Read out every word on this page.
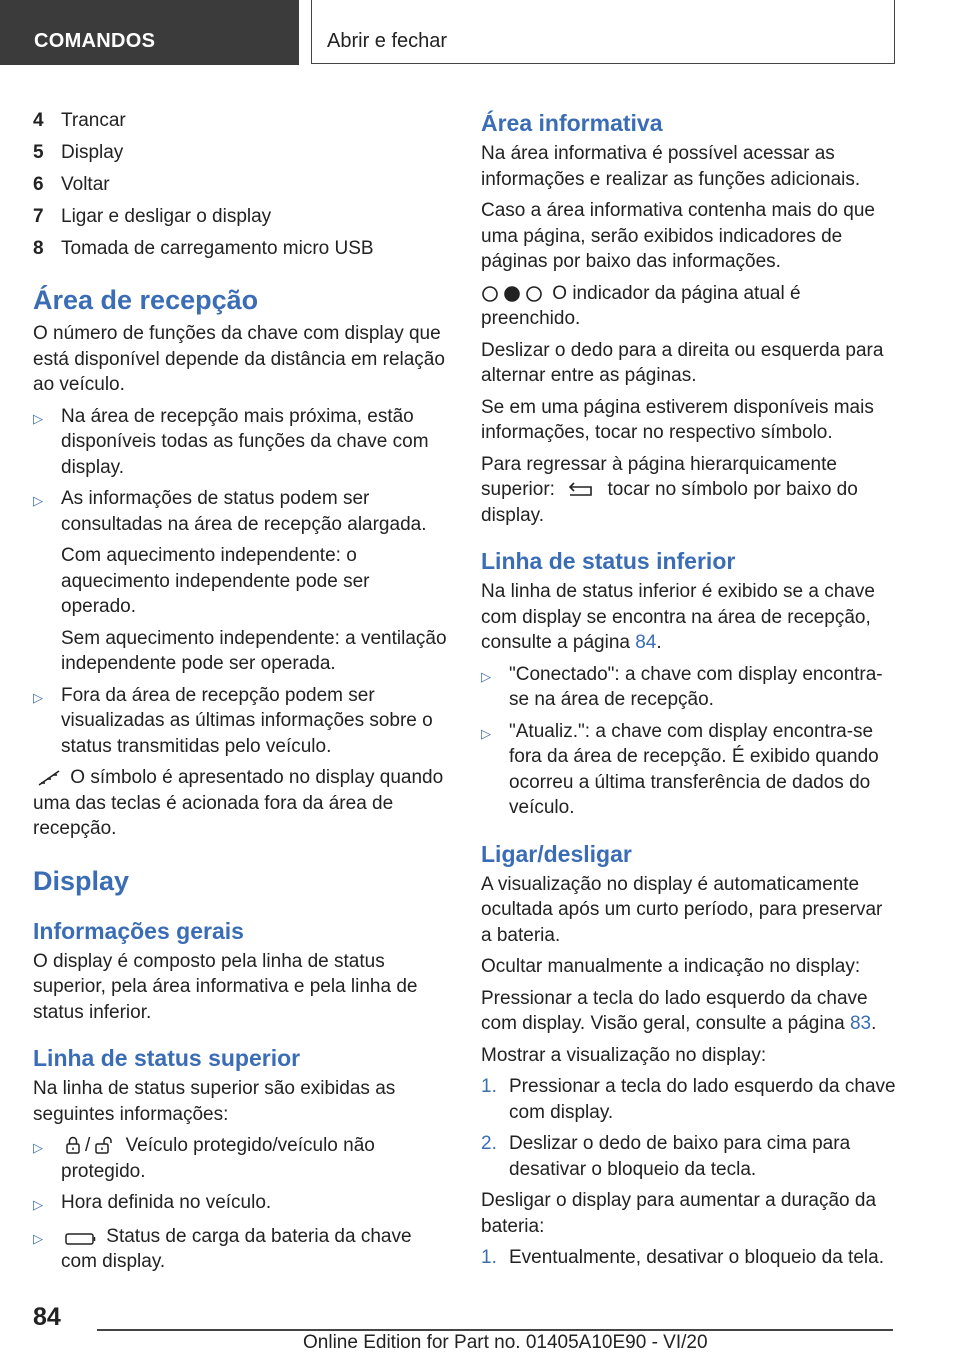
COMANDOS	Abrir e fechar
4 Trancar
5 Display
6 Voltar
7 Ligar e desligar o display
8 Tomada de carregamento micro USB
Área de recepção

O número de funções da chave com display que está disponível depende da distância em relação ao veículo.

▷ Na área de recepção mais próxima, estão disponíveis todas as funções da chave com display.
▷ As informações de status podem ser consultadas na área de recepção alargada.
Com aquecimento independente: o aquecimento independente pode ser operado.
Sem aquecimento independente: a ventilação independente pode ser operada.
▷ Fora da área de recepção podem ser visualizadas as últimas informações sobre o status transmitidas pelo veículo.

O símbolo é apresentado no display quando uma das teclas é acionada fora da área de recepção.

Display
Informações gerais

O display é composto pela linha de status superior, pela área informativa e pela linha de status inferior.

Linha de status superior

Na linha de status superior são exibidas as seguintes informações:

▷	/ Veículo protegido/veículo não protegido.
▷ Hora definida no veículo.
▷	Status de carga da bateria da chave com display.
Área informativa

Na área informativa é possível acessar as informações e realizar as funções adicionais.

Caso a área informativa contenha mais do que uma página, serão exibidos indicadores de páginas por baixo das informações.

O indicador da página atual é preenchido.

Deslizar o dedo para a direita ou esquerda para alternar entre as páginas.

Se em uma página estiverem disponíveis mais informações, tocar no respectivo símbolo.

Para regressar à página hierarquicamente superior:	tocar no símbolo por baixo do display.

Linha de status inferior

Na linha de status inferior é exibido se a chave com display se encontra na área de recepção, consulte a página 84.

▷ "Conectado": a chave com display encontra-se na área de recepção.
▷ "Atualiz.": a chave com display encontra-se fora da área de recepção. É exibido quando ocorreu a última transferência de dados do veículo.
Ligar/desligar

A visualização no display é automaticamente ocultada após um curto período, para preservar a bateria.

Ocultar manualmente a indicação no display:

Pressionar a tecla do lado esquerdo da chave com display. Visão geral, consulte a página 83.

Mostrar a visualização no display:

1. Pressionar a tecla do lado esquerdo da chave com display.
2. Deslizar o dedo de baixo para cima para desativar o bloqueio da tecla.

Desligar o display para aumentar a duração da bateria:

1. Eventualmente, desativar o bloqueio da tela.
84
Online Edition for Part no. 01405A10E90 - VI/20
